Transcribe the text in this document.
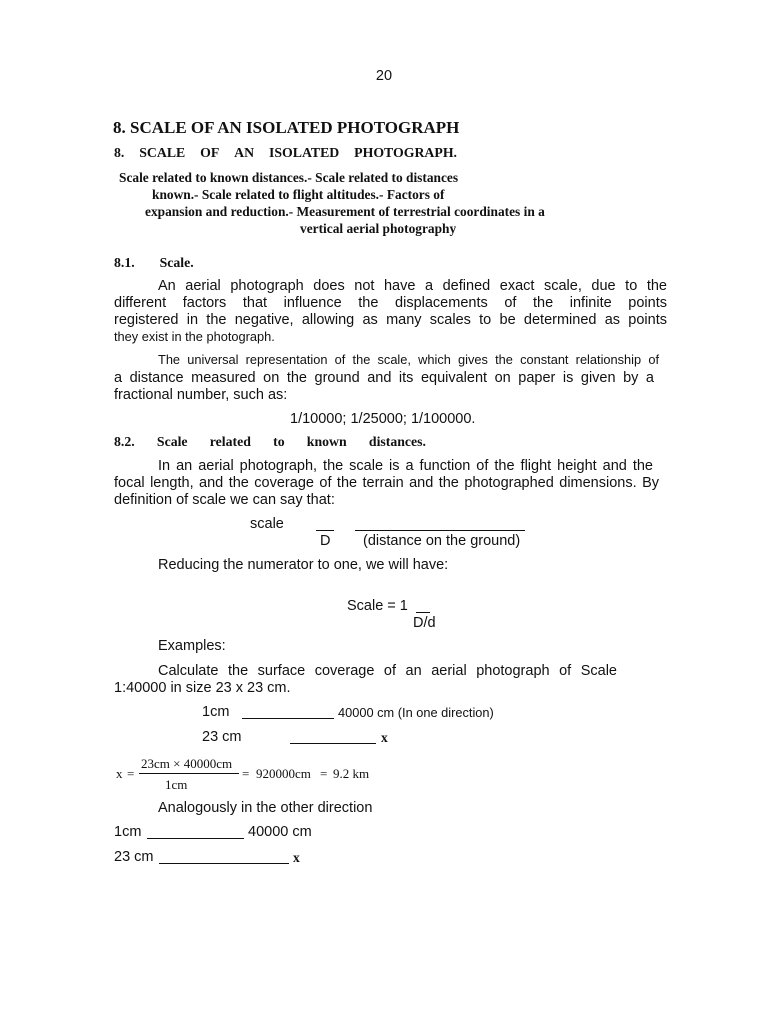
20
8. SCALE OF AN ISOLATED PHOTOGRAPH
8. SCALE OF AN ISOLATED PHOTOGRAPH.
Scale related to known distances.- Scale related to distances
known.- Scale related to flight altitudes.- Factors of
expansion and reduction.- Measurement of terrestrial coordinates in a
vertical aerial photography
8.1. Scale.
An aerial photograph does not have a defined exact scale, due to the
different factors that influence the displacements of the infinite points
registered in the negative, allowing as many scales to be determined as points
they exist in the photograph.
The universal representation of the scale, which gives the constant relationship of
a distance measured on the ground and its equivalent on paper is given by a
fractional number, such as:
1/10000; 1/25000; 1/100000.
8.2. Scale related to known distances.
In an aerial photograph, the scale is a function of the flight height and the
focal length, and the coverage of the terrain and the photographed dimensions. By
definition of scale we can say that:
scale
D (distance on the ground)
Reducing the numerator to one, we will have:
Scale = 1
D/d
Examples:
Calculate the surface coverage of an aerial photograph of Scale
1:40000 in size 23 x 23 cm.
1cm	40000 cm (In one direction)
23 cm	x
x =
23cm × 40000cm
1cm
= 920000cm = 9.2 km
Analogously in the other direction
1cm	40000 cm
23 cm	x
